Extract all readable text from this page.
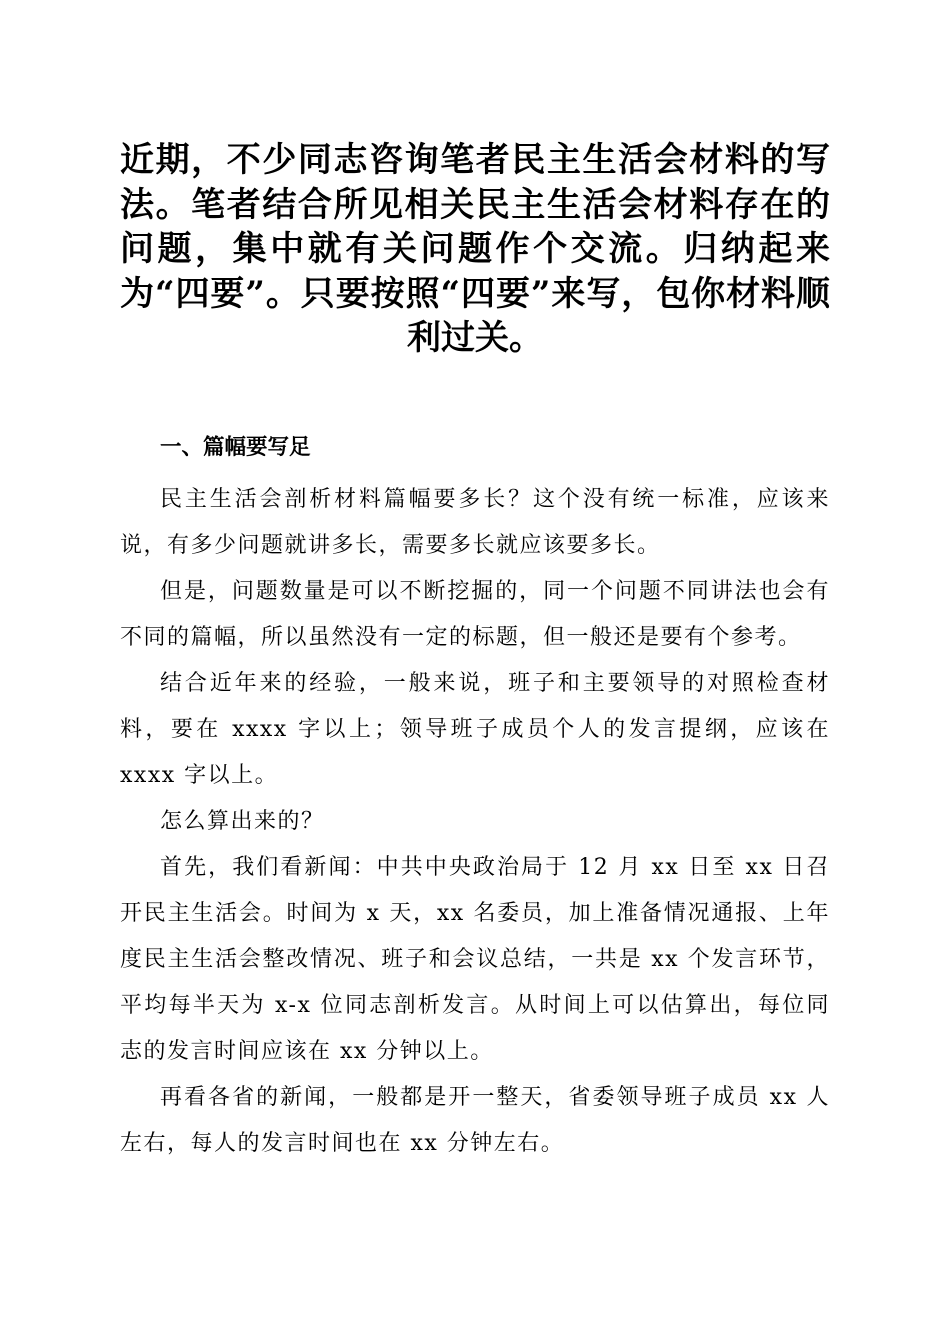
近期，不少同志咨询笔者民主生活会材料的写法。笔者结合所见相关民主生活会材料存在的问题，集中就有关问题作个交流。归纳起来为“四要”。只要按照“四要”来写，包你材料顺利过关。
一、篇幅要写足

民主生活会剖析材料篇幅要多长？这个没有统一标准，应该来说，有多少问题就讲多长，需要多长就应该要多长。

但是，问题数量是可以不断挖掘的，同一个问题不同讲法也会有不同的篇幅，所以虽然没有一定的标题，但一般还是要有个参考。

结合近年来的经验，一般来说，班子和主要领导的对照检查材料，要在 xxxx 字以上；领导班子成员个人的发言提纲，应该在 xxxx 字以上。

怎么算出来的？

首先，我们看新闻：中共中央政治局于 12 月 xx 日至 xx 日召开民主生活会。时间为 x 天，xx 名委员，加上准备情况通报、上年度民主生活会整改情况、班子和会议总结，一共是 xx 个发言环节，平均每半天为 x-x 位同志剖析发言。从时间上可以估算出，每位同志的发言时间应该在 xx 分钟以上。

再看各省的新闻，一般都是开一整天，省委领导班子成员 xx 人左右，每人的发言时间也在 xx 分钟左右。
